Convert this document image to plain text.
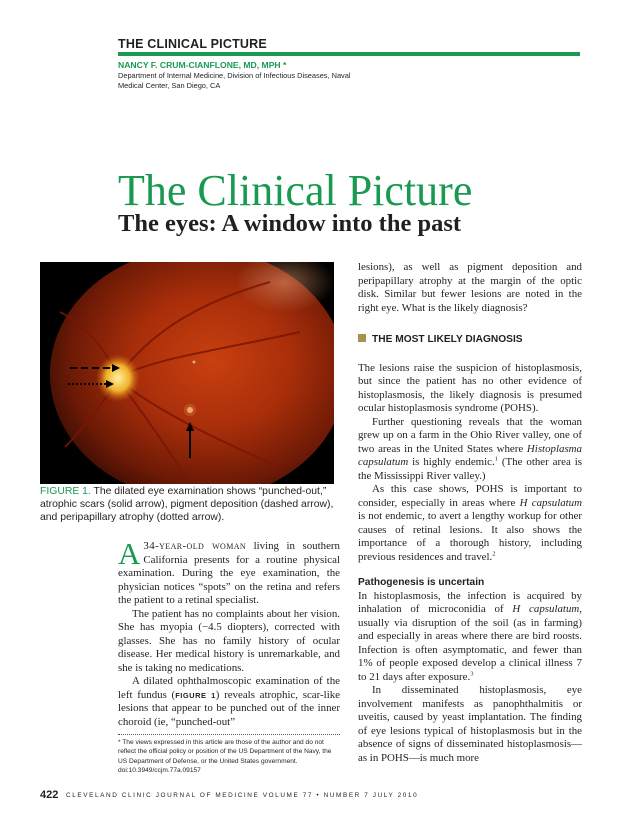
THE CLINICAL PICTURE
NANCY F. CRUM-CIANFLONE, MD, MPH *
Department of Internal Medicine, Division of Infectious Diseases, Naval Medical Center, San Diego, CA
The Clinical Picture
The eyes: A window into the past
FIGURE 1. The dilated eye examination shows “punched-out,” atrophic scars (solid arrow), pigment deposition (dashed arrow), and peripapillary atrophy (dotted arrow).

A 34-year-old woman living in southern California presents for a routine physical examination. During the eye examination, the physician notices “spots” on the retina and refers the patient to a retinal specialist.

The patient has no complaints about her vision. She has myopia (−4.5 diopters), corrected with glasses. She has no family history of ocular disease. Her medical history is unremarkable, and she is taking no medications.

A dilated ophthalmoscopic examination of the left fundus (FIGURE 1) reveals atrophic, scar-like lesions that appear to be punched out of the inner choroid (ie, “punched-out”

* The views expressed in this article are those of the author and do not reflect the official policy or position of the US Department of the Navy, the US Department of Defense, or the United States government.
doi:10.3949/ccjm.77a.09157

lesions), as well as pigment deposition and peripapillary atrophy at the margin of the optic disk. Similar but fewer lesions are noted in the right eye. What is the likely diagnosis?

THE MOST LIKELY DIAGNOSIS

The lesions raise the suspicion of histoplasmosis, but since the patient has no other evidence of histoplasmosis, the likely diagnosis is presumed ocular histoplasmosis syndrome (POHS).

Further questioning reveals that the woman grew up on a farm in the Ohio River valley, one of two areas in the United States where Histoplasma capsulatum is highly endemic.$^1$ (The other area is the Mississippi River valley.)

As this case shows, POHS is important to consider, especially in areas where H capsulatum is not endemic, to avert a lengthy workup for other causes of retinal lesions. It also shows the importance of a thorough history, including previous residences and travel.$^2$

Pathogenesis is uncertain

In histoplasmosis, the infection is acquired by inhalation of microconidia of H capsulatum, usually via disruption of the soil (as in farming) and especially in areas where there are bird roosts. Infection is often asymptomatic, and fewer than 1% of people exposed develop a clinical illness 7 to 21 days after exposure.$^3$

In disseminated histoplasmosis, eye involvement manifests as panophthalmitis or uveitis, caused by yeast implantation. The finding of eye lesions typical of histoplasmosis but in the absence of signs of disseminated histoplasmosis—as in POHS—is much more

422 CLEVELAND CLINIC JOURNAL OF MEDICINE VOLUME 77 • NUMBER 7 JULY 2010
